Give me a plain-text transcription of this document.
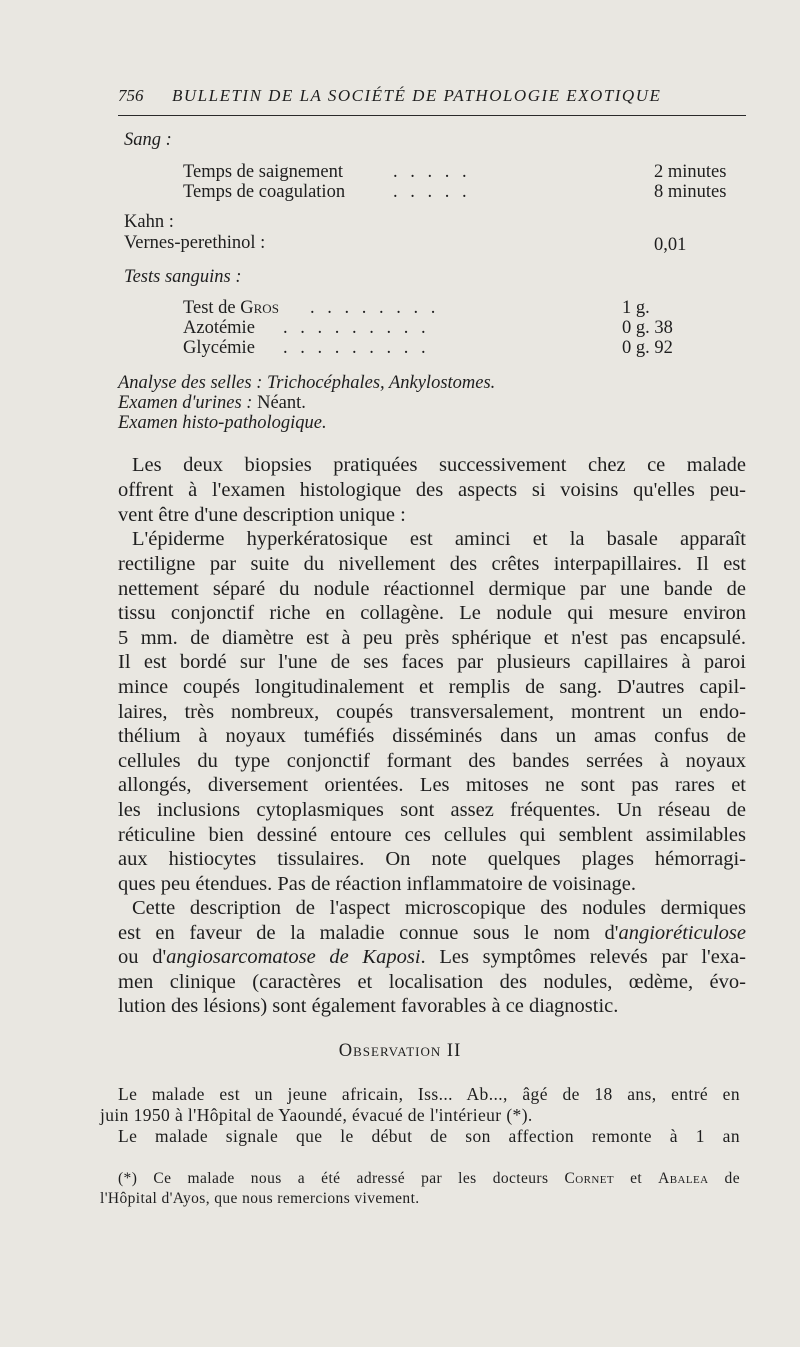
756 BULLETIN DE LA SOCIÉTÉ DE PATHOLOGIE EXOTIQUE
Sang :
Temps de saignement	. . . . .	2 minutes
Temps de coagulation	. . . . .	8 minutes
Kahn :
Vernes-perethinol :	0,01
Tests sanguins :
Test de Gros . . . . . . . .	1 g.
Azotémie . . . . . . . . .	0 g. 38
Glycémie . . . . . . . . .	0 g. 92
Analyse des selles : Trichocéphales, Ankylostomes.
Examen d'urines : Néant.
Examen histo-pathologique.
Les deux biopsies pratiquées successivement chez ce malade
offrent à l'examen histologique des aspects si voisins qu'elles peu-
vent être d'une description unique :
L'épiderme hyperkératosique est aminci et la basale apparaît
rectiligne par suite du nivellement des crêtes interpapillaires. Il est
nettement séparé du nodule réactionnel dermique par une bande de
tissu conjonctif riche en collagène. Le nodule qui mesure environ
5 mm. de diamètre est à peu près sphérique et n'est pas encapsulé.
Il est bordé sur l'une de ses faces par plusieurs capillaires à paroi
mince coupés longitudinalement et remplis de sang. D'autres capil-
laires, très nombreux, coupés transversalement, montrent un endo-
thélium à noyaux tuméfiés disséminés dans un amas confus de
cellules du type conjonctif formant des bandes serrées à noyaux
allongés, diversement orientées. Les mitoses ne sont pas rares et
les inclusions cytoplasmiques sont assez fréquentes. Un réseau de
réticuline bien dessiné entoure ces cellules qui semblent assimilables
aux histiocytes tissulaires. On note quelques plages hémorragi-
ques peu étendues. Pas de réaction inflammatoire de voisinage.
Cette description de l'aspect microscopique des nodules dermiques
est en faveur de la maladie connue sous le nom d'angioréticulose
ou d'angiosarcomatose de Kaposi. Les symptômes relevés par l'exa-
men clinique (caractères et localisation des nodules, œdème, évo-
lution des lésions) sont également favorables à ce diagnostic.
Observation II
Le malade est un jeune africain, Iss... Ab..., âgé de 18 ans, entré en
juin 1950 à l'Hôpital de Yaoundé, évacué de l'intérieur (*).
Le malade signale que le début de son affection remonte à 1 an
(*) Ce malade nous a été adressé par les docteurs Cornet et Abalea de
l'Hôpital d'Ayos, que nous remercions vivement.
